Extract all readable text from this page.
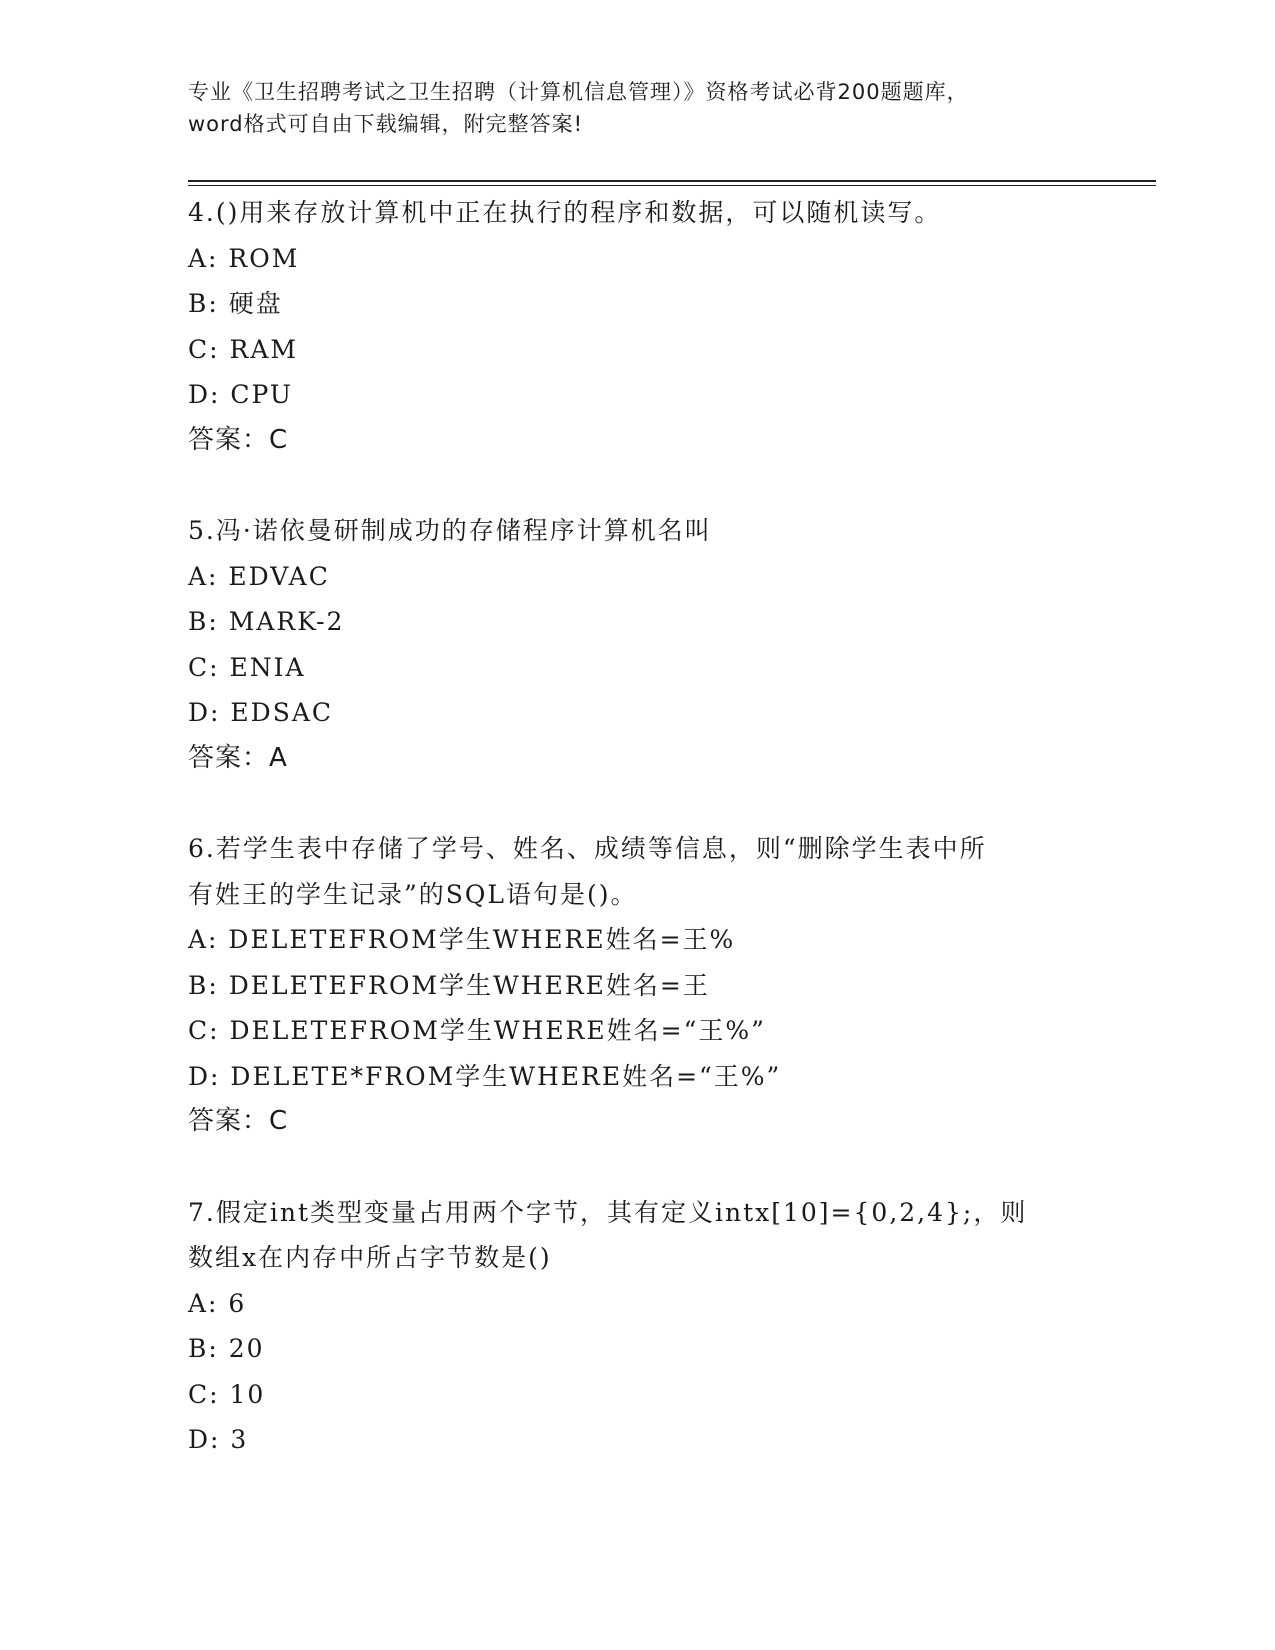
专业《卫生招聘考试之卫生招聘（计算机信息管理）》资格考试必背200题题库，
word格式可自由下载编辑，附完整答案!

4.()用来存放计算机中正在执行的程序和数据，可以随机读写。

A: ROM

B: 硬盘

C: RAM

D: CPU

答案：C

5.冯·诺依曼研制成功的存储程序计算机名叫

A: EDVAC

B: MARK-2

C: ENIA

D: EDSAC

答案：A

6.若学生表中存储了学号、姓名、成绩等信息，则“删除学生表中所

有姓王的学生记录”的SQL语句是()。

A: DELETEFROM学生WHERE姓名=王%

B: DELETEFROM学生WHERE姓名=王

C: DELETEFROM学生WHERE姓名=“王%”

D: DELETE*FROM学生WHERE姓名=“王%”

答案：C

7.假定int类型变量占用两个字节，其有定义intx[10]={0,2,4};，则

数组x在内存中所占字节数是()

A: 6

B: 20

C: 10

D: 3
